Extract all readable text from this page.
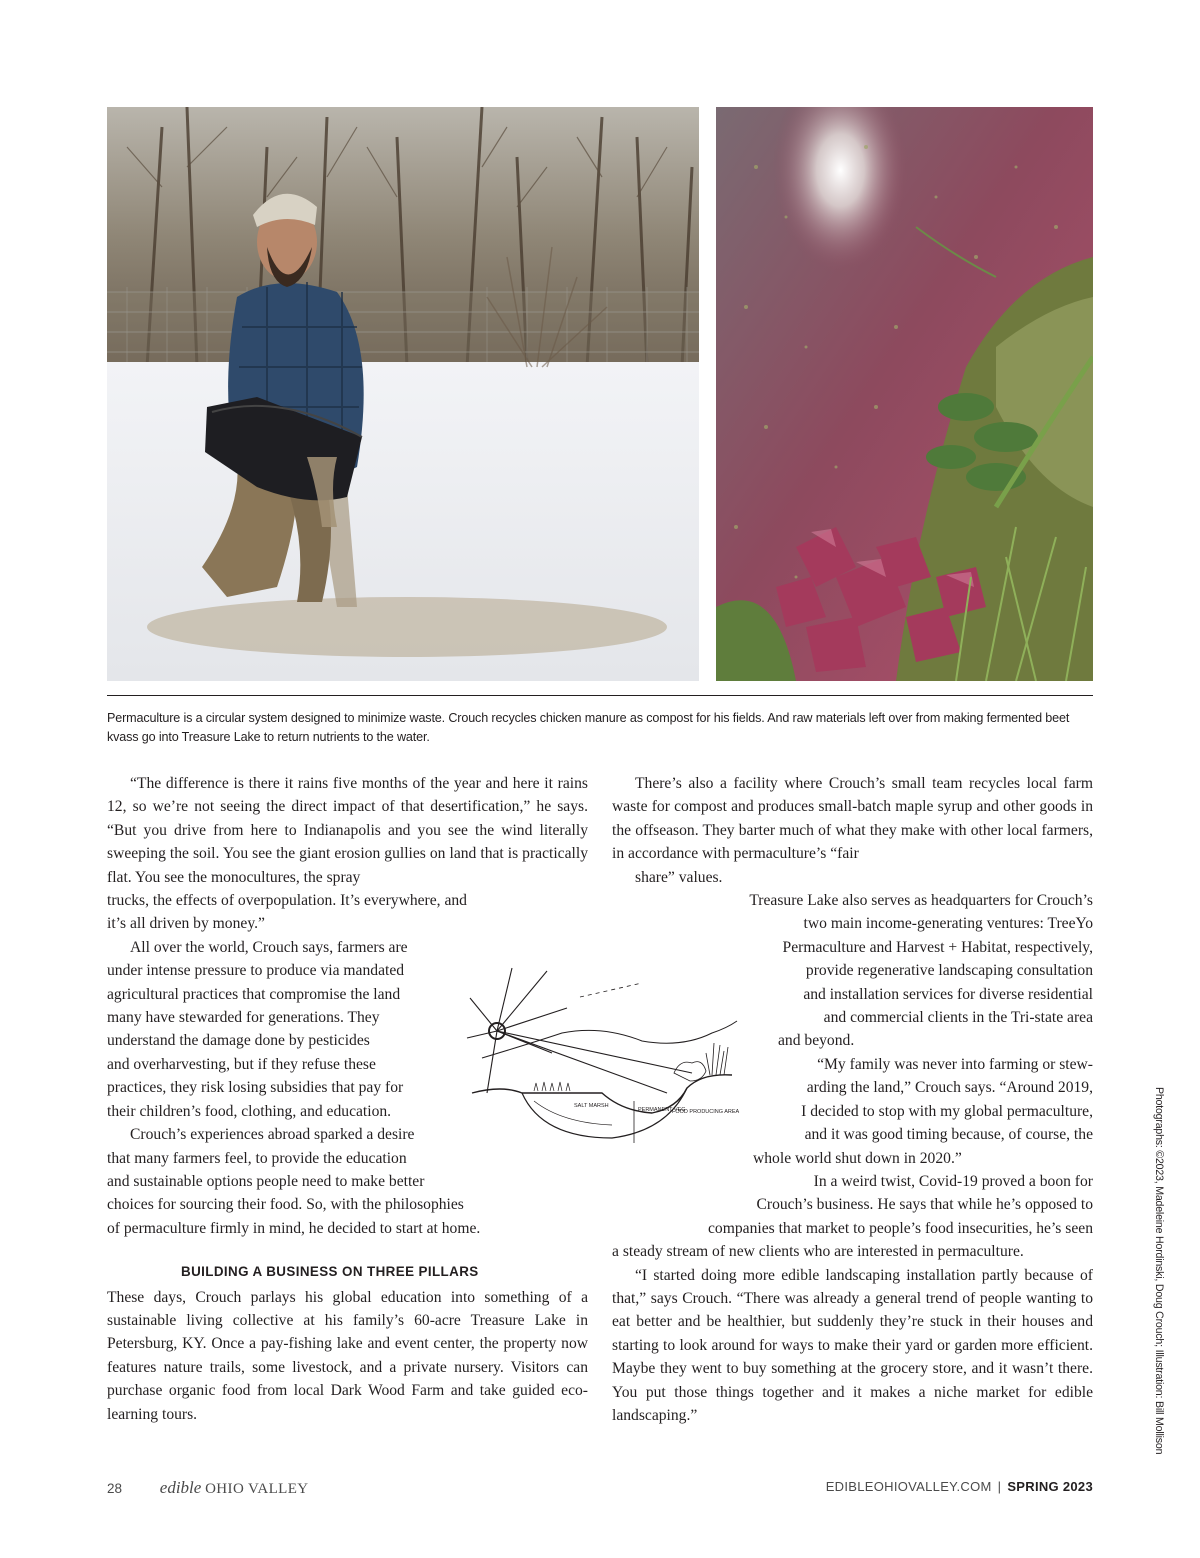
Permaculture is a circular system designed to minimize waste. Crouch recycles chicken manure as compost for his fields. And raw materials left over from making fermented beet kvass go into Treasure Lake to return nutrients to the water.

“The difference is there it rains five months of the year and here it rains 12, so we’re not seeing the direct impact of that desertification,” he says. “But you drive from here to Indianapolis and you see the wind literally sweeping the soil. You see the giant erosion gullies on land that is practically flat. You see the monocultures, the spray

trucks, the effects of overpopulation. It’s everywhere, and

it’s all driven by money.”

All over the world, Crouch says, farmers are

under intense pressure to produce via mandated

agricultural practices that compromise the land

many have stewarded for generations. They

understand the damage done by pesticides

and overharvesting, but if they refuse these

practices, they risk losing subsidies that pay for

their children’s food, clothing, and education.

Crouch’s experiences abroad sparked a desire

that many farmers feel, to provide the education

and sustainable options people need to make better

choices for sourcing their food. So, with the philosophies

of permaculture firmly in mind, he decided to start at home.

BUILDING A BUSINESS ON THREE PILLARS

These days, Crouch parlays his global education into something of a sustainable living collective at his family’s 60-acre Treasure Lake in Petersburg, KY. Once a pay-fishing lake and event center, the property now features nature trails, some livestock, and a private nursery. Visitors can purchase organic food from local Dark Wood Farm and take guided eco-learning tours.

SALT MARSH
PERMANENT VEG
FOOD PRODUCING AREA

There’s also a facility where Crouch’s small team recycles local farm waste for compost and produces small-batch maple syrup and other goods in the offseason. They barter much of what they make with other local farmers, in accordance with permaculture’s “fair

share” values.

Treasure Lake also serves as headquarters for Crouch’s

two main income-generating ventures: TreeYo

Permaculture and Harvest + Habitat, respectively,

provide regenerative landscaping consultation

and installation services for diverse residential

and commercial clients in the Tri-state area

and beyond.

“My family was never into farming or stew-

arding the land,” Crouch says. “Around 2019,

I decided to stop with my global permaculture,

and it was good timing because, of course, the

whole world shut down in 2020.”

In a weird twist, Covid-19 proved a boon for

Crouch’s business. He says that while he’s opposed to

companies that market to people’s food insecurities, he’s seen

a steady stream of new clients who are interested in permaculture.

“I started doing more edible landscaping installation partly because of that,” says Crouch. “There was already a general trend of people wanting to eat better and be healthier, but suddenly they’re stuck in their houses and starting to look around for ways to make their yard or garden more efficient. Maybe they went to buy something at the grocery store, and it wasn’t there. You put those things together and it makes a niche market for edible landscaping.”	Photographs: ©2023, Madeleine Hordinski, Doug Crouch; Illustration: Bill Mollison
28 edible OHIO VALLEY	EDIBLEOHIOVALLEY.COM | SPRING 2023
